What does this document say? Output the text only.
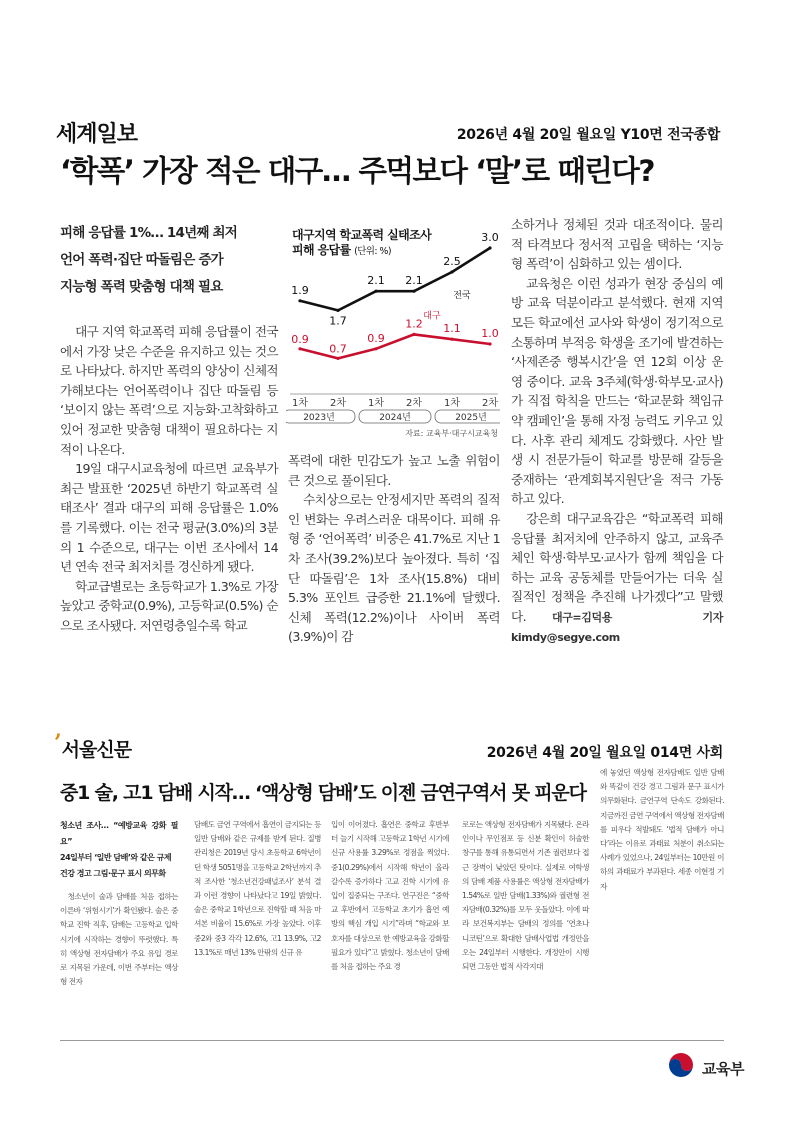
세계일보	2026년 4월 20일 월요일 Y10면 전국종합
‘학폭’ 가장 적은 대구… 주먹보다 ‘말’로 때린다?
피해 응답률 1%… 14년째 최저
언어 폭력·집단 따돌림은 증가
지능형 폭력 맞춤형 대책 필요

대구 지역 학교폭력 피해 응답률이 전국에서 가장 낮은 수준을 유지하고 있는 것으로 나타났다. 하지만 폭력의 양상이 신체적 가해보다는 언어폭력이나 집단 따돌림 등 ‘보이지 않는 폭력’으로 지능화·고착화하고 있어 정교한 맞춤형 대책이 필요하다는 지적이 나온다.

19일 대구시교육청에 따르면 교육부가 최근 발표한 ‘2025년 하반기 학교폭력 실태조사’ 결과 대구의 피해 응답률은 1.0%를 기록했다. 이는 전국 평균(3.0%)의 3분의 1 수준으로, 대구는 이번 조사에서 14년 연속 전국 최저치를 경신하게 됐다.

학교급별로는 초등학교가 1.3%로 가장 높았고 중학교(0.9%), 고등학교(0.5%) 순으로 조사됐다. 저연령층일수록 학교

대구지역 학교폭력 실태조사
피해 응답률 (단위: %)
1차 2차 1차 2차 1차 2차
2023년	2024년	2025년
1.9
1.7
2.1 2.1
2.5
3.0
0.9
0.7
0.9
1.2 1.1 1.0
전국
대구
자료: 교육부·대구시교육청

폭력에 대한 민감도가 높고 노출 위험이 큰 것으로 풀이된다.

수치상으로는 안정세지만 폭력의 질적인 변화는 우려스러운 대목이다. 피해 유형 중 ‘언어폭력’ 비중은 41.7%로 지난 1차 조사(39.2%)보다 높아졌다. 특히 ‘집단 따돌림’은 1차 조사(15.8%) 대비 5.3% 포인트 급증한 21.1%에 달했다. 신체 폭력(12.2%)이나 사이버 폭력(3.9%)이 감

소하거나 정체된 것과 대조적이다. 물리적 타격보다 정서적 고립을 택하는 ‘지능형 폭력’이 심화하고 있는 셈이다.

교육청은 이런 성과가 현장 중심의 예방 교육 덕분이라고 분석했다. 현재 지역 모든 학교에선 교사와 학생이 정기적으로 소통하며 부적응 학생을 조기에 발견하는 ‘사제존중 행복시간’을 연 12회 이상 운영 중이다. 교육 3주체(학생·학부모·교사)가 직접 학칙을 만드는 ‘학교문화 책임규약 캠페인’을 통해 자정 능력도 키우고 있다. 사후 관리 체계도 강화했다. 사안 발생 시 전문가들이 학교를 방문해 갈등을 중재하는 ‘관계회복지원단’을 적극 가동하고 있다.

강은희 대구교육감은 “학교폭력 피해 응답률 최저치에 안주하지 않고, 교육주체인 학생·학부모·교사가 함께 책임을 다하는 교육 공동체를 만들어가는 더욱 실질적인 정책을 추진해 나가겠다”고 말했다. 대구=김덕용 기자 kimdy@segye.com

’서울신문	2026년 4월 20일 월요일 014면 사회
중1 술, 고1 담배 시작… ‘액상형 담배’도 이젠 금연구역서 못 피운다

청소년 조사… “예방교육 강화 필요”

24일부터 ‘일반 담배’와 같은 규제

건강 경고 그림·문구 표시 의무화

청소년이 술과 담배를 처음 접하는 이른바 ‘위험시기’가 확인됐다. 술은 중학교 진학 직후, 담배는 고등학교 입학 시기에 시작하는 경향이 뚜렷했다. 특히 액상형 전자담배가 주요 유입 경로로 지목된 가운데, 이번 주부터는 액상형 전자

담배도 금연 구역에서 흡연이 금지되는 등 일반 담배와 같은 규제를 받게 된다. 질병관리청은 2019년 당시 초등학교 6학년이던 학생 5051명을 고등학교 2학년까지 추적 조사한 ‘청소년건강패널조사’ 분석 결과 이런 경향이 나타났다고 19일 밝혔다. 술은 중학교 1학년으로 진학할 때 처음 마셔본 비율이 15.6%로 가장 높았다. 이후 중2와 중3 각각 12.6%, 고1 13.9%, 고2 13.1%로 매년 13% 안팎의 신규 유

입이 이어졌다. 흡연은 중학교 후반부터 늘기 시작해 고등학교 1학년 시기에 신규 사용률 3.29%로 정점을 찍었다. 중1(0.29%)에서 시작해 학년이 올라갈수록 증가하다 고교 진학 시기에 유입이 집중되는 구조다. 연구진은 “중학교 후반에서 고등학교 초기가 흡연 예방의 핵심 개입 시기”라며 “학교와 보호자를 대상으로 한 예방교육을 강화할 필요가 있다”고 밝혔다. 청소년이 담배를 처음 접하는 주요 경

로로는 액상형 전자담배가 지목됐다. 온라인이나 무인점포 등 신분 확인이 허술한 창구를 통해 유통되면서 기존 궐련보다 접근 장벽이 낮았던 탓이다. 실제로 여학생의 담배 제품 사용률은 액상형 전자담배가 1.54%로 일반 담배(1.33%)와 궐련형 전자담배(0.32%)를 모두 웃돌았다. 이에 따라 보건복지부는 담배의 정의를 ‘연초나 니코틴’으로 확대한 담배사업법 개정안을 오는 24일부터 시행한다. 개정안이 시행되면 그동안 법적 사각지대

에 놓였던 액상형 전자담배도 일반 담배와 똑같이 건강 경고 그림과 문구 표시가 의무화된다. 금연구역 단속도 강화된다. 지금까진 금연 구역에서 액상형 전자담배를 피우다 적발돼도 ‘법적 담배가 아니다’라는 이유로 과태료 처분이 취소되는 사례가 있었으나, 24일부터는 10만원 이하의 과태료가 부과된다. 세종 이현정 기자

교육부
